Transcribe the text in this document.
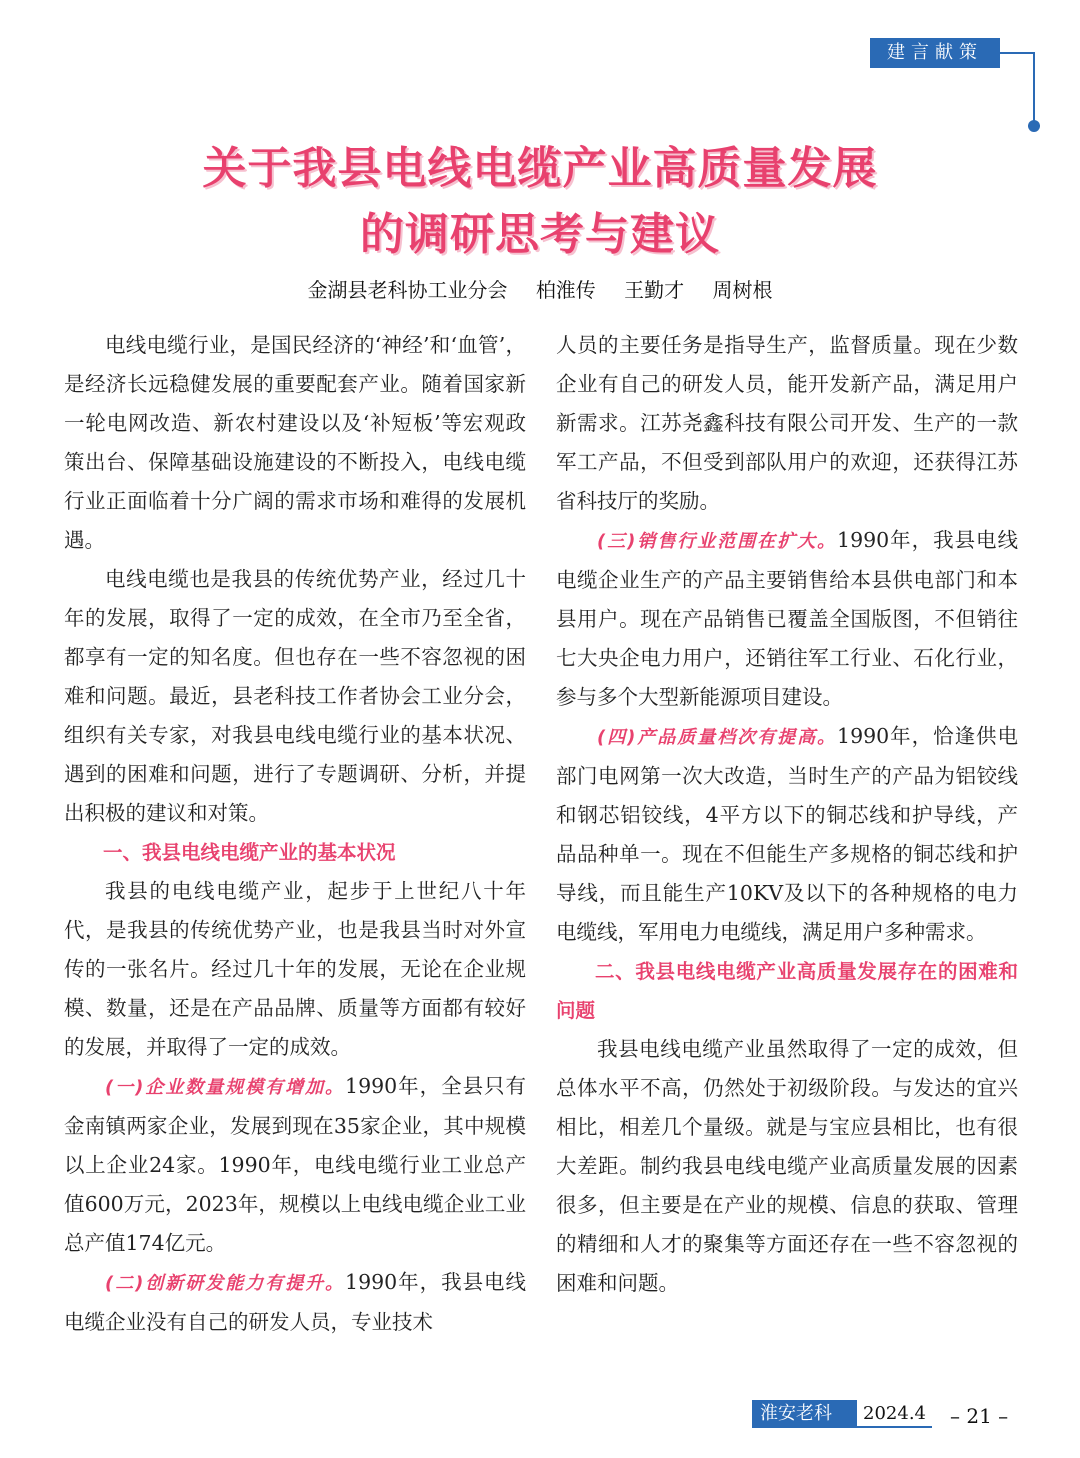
建言献策
关于我县电线电缆产业高质量发展
的调研思考与建议
金湖县老科协工业分会 柏淮传 王勤才 周树根

电线电缆行业，是国民经济的‘神经’和‘血管’，是经济长远稳健发展的重要配套产业。随着国家新一轮电网改造、新农村建设以及‘补短板’等宏观政策出台、保障基础设施建设的不断投入，电线电缆行业正面临着十分广阔的需求市场和难得的发展机遇。

电线电缆也是我县的传统优势产业，经过几十年的发展，取得了一定的成效，在全市乃至全省，都享有一定的知名度。但也存在一些不容忽视的困难和问题。最近，县老科技工作者协会工业分会，组织有关专家，对我县电线电缆行业的基本状况、遇到的困难和问题，进行了专题调研、分析，并提出积极的建议和对策。

一、我县电线电缆产业的基本状况

我县的电线电缆产业，起步于上世纪八十年代，是我县的传统优势产业，也是我县当时对外宣传的一张名片。经过几十年的发展，无论在企业规模、数量，还是在产品品牌、质量等方面都有较好的发展，并取得了一定的成效。

(一)企业数量规模有增加。1990年，全县只有金南镇两家企业，发展到现在35家企业，其中规模以上企业24家。1990年，电线电缆行业工业总产值600万元，2023年，规模以上电线电缆企业工业总产值174亿元。

(二)创新研发能力有提升。1990年，我县电线电缆企业没有自己的研发人员，专业技术

人员的主要任务是指导生产，监督质量。现在少数企业有自己的研发人员，能开发新产品，满足用户新需求。江苏尧鑫科技有限公司开发、生产的一款军工产品，不但受到部队用户的欢迎，还获得江苏省科技厅的奖励。

(三)销售行业范围在扩大。1990年，我县电线电缆企业生产的产品主要销售给本县供电部门和本县用户。现在产品销售已覆盖全国版图，不但销往七大央企电力用户，还销往军工行业、石化行业，参与多个大型新能源项目建设。

(四)产品质量档次有提高。1990年，恰逢供电部门电网第一次大改造，当时生产的产品为铝铰线和钢芯铝铰线，4平方以下的铜芯线和护导线，产品品种单一。现在不但能生产多规格的铜芯线和护导线，而且能生产10KV及以下的各种规格的电力电缆线，军用电力电缆线，满足用户多种需求。

二、我县电线电缆产业高质量发展存在的困难和问题

我县电线电缆产业虽然取得了一定的成效，但总体水平不高，仍然处于初级阶段。与发达的宜兴相比，相差几个量级。就是与宝应县相比，也有很大差距。制约我县电线电缆产业高质量发展的因素很多，但主要是在产业的规模、信息的获取、管理的精细和人才的聚集等方面还存在一些不容忽视的困难和问题。

淮安老科协
2024.4	– 21 –
